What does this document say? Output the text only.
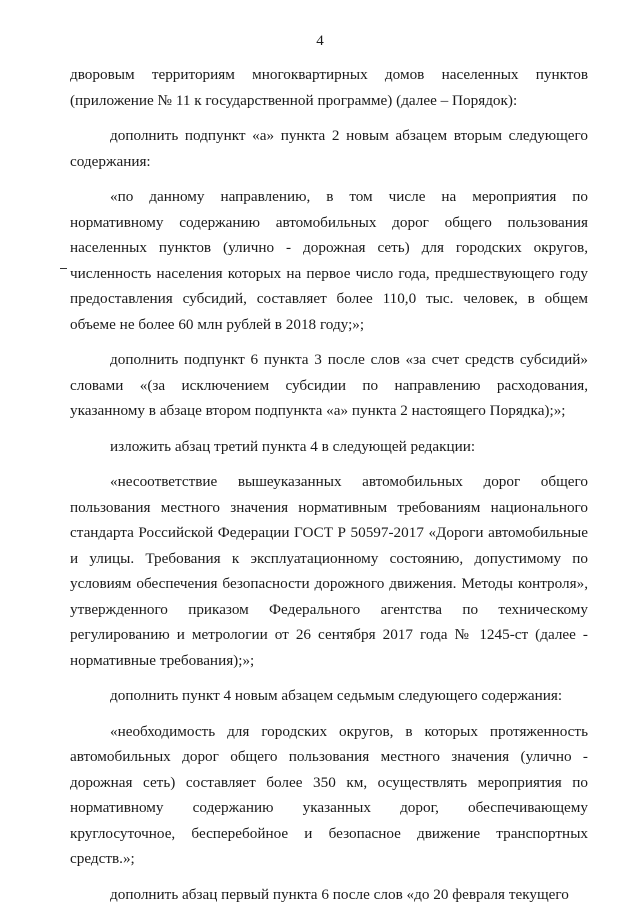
4

дворовым территориям многоквартирных домов населенных пунктов (приложение № 11 к государственной программе) (далее – Порядок):

дополнить подпункт «а» пункта 2 новым абзацем вторым следующего содержания:

«по данному направлению, в том числе на мероприятия по нормативному содержанию автомобильных дорог общего пользования населенных пунктов (улично - дорожная сеть) для городских округов, численность населения которых на первое число года, предшествующего году предоставления субсидий, составляет более 110,0 тыс. человек, в общем объеме не более 60 млн рублей в 2018 году;»;

дополнить подпункт 6 пункта 3 после слов «за счет средств субсидий» словами «(за исключением субсидии по направлению расходования, указанному в абзаце втором подпункта «а» пункта 2 настоящего Порядка);»;

изложить абзац третий пункта 4 в следующей редакции:

«несоответствие вышеуказанных автомобильных дорог общего пользования местного значения нормативным требованиям национального стандарта Российской Федерации ГОСТ Р 50597-2017 «Дороги автомобильные и улицы. Требования к эксплуатационному состоянию, допустимому по условиям обеспечения безопасности дорожного движения. Методы контроля», утвержденного приказом Федерального агентства по техническому регулированию и метрологии от 26 сентября 2017 года № 1245-ст (далее - нормативные требования);»;

дополнить пункт 4 новым абзацем седьмым следующего содержания:

«необходимость для городских округов, в которых протяженность автомобильных дорог общего пользования местного значения (улично - дорожная сеть) составляет более 350 км, осуществлять мероприятия по нормативному содержанию указанных дорог, обеспечивающему круглосуточное, бесперебойное и безопасное движение транспортных средств.»;

дополнить абзац первый пункта 6 после слов «до 20 февраля текущего
